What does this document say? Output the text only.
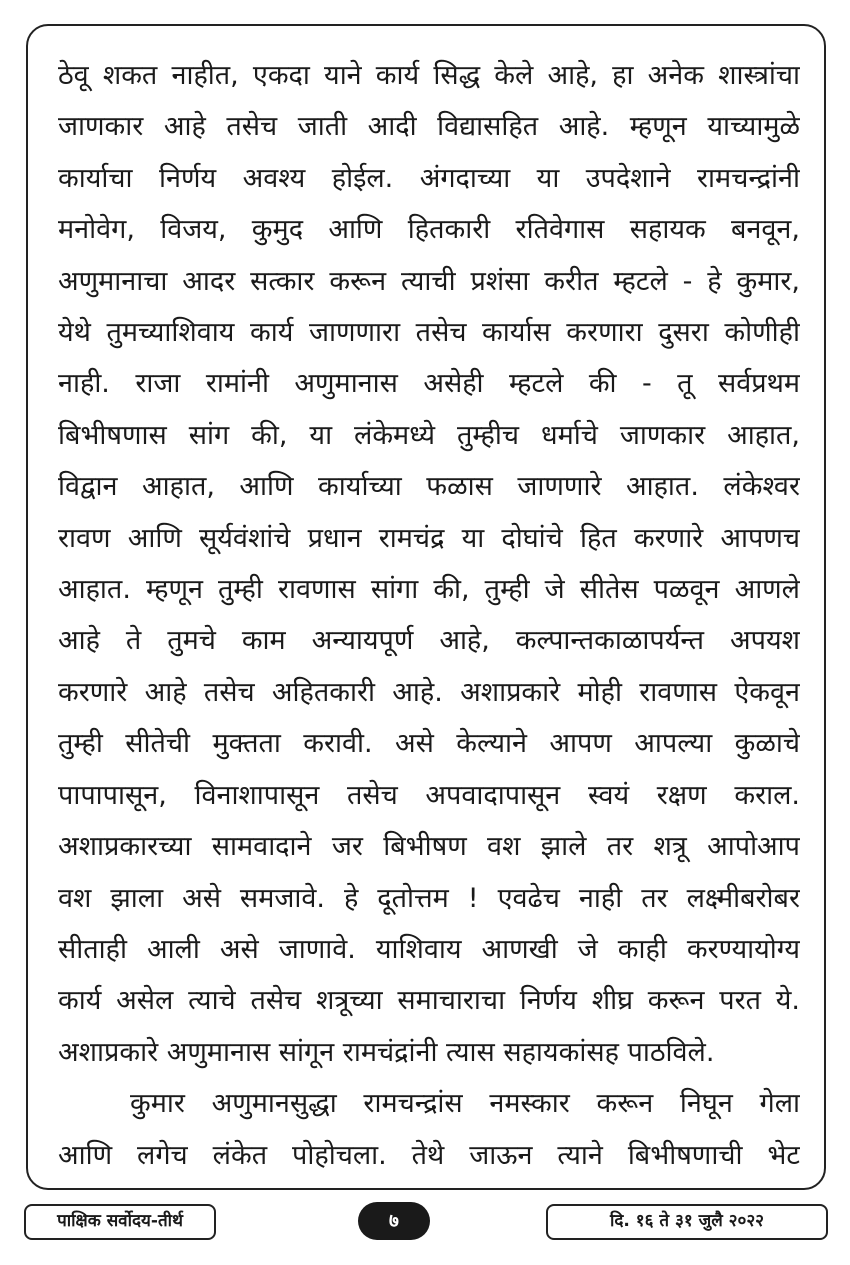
ठेवू शकत नाहीत, एकदा याने कार्य सिद्ध केले आहे, हा अनेक शास्त्रांचा
जाणकार आहे तसेच जाती आदी विद्यासहित आहे. म्हणून याच्यामुळे
कार्याचा निर्णय अवश्य होईल. अंगदाच्या या उपदेशाने रामचन्द्रांनी
मनोवेग, विजय, कुमुद आणि हितकारी रतिवेगास सहायक बनवून,
अणुमानाचा आदर सत्कार करून त्याची प्रशंसा करीत म्हटले - हे कुमार,
येथे तुमच्याशिवाय कार्य जाणणारा तसेच कार्यास करणारा दुसरा कोणीही
नाही. राजा रामांनी अणुमानास असेही म्हटले की - तू सर्वप्रथम
बिभीषणास सांग की, या लंकेमध्ये तुम्हीच धर्माचे जाणकार आहात,
विद्वान आहात, आणि कार्याच्या फळास जाणणारे आहात. लंकेश्वर
रावण आणि सूर्यवंशांचे प्रधान रामचंद्र या दोघांचे हित करणारे आपणच
आहात. म्हणून तुम्ही रावणास सांगा की, तुम्ही जे सीतेस पळवून आणले
आहे ते तुमचे काम अन्यायपूर्ण आहे, कल्पान्तकाळापर्यन्त अपयश
करणारे आहे तसेच अहितकारी आहे. अशाप्रकारे मोही रावणास ऐकवून
तुम्ही सीतेची मुक्तता करावी. असे केल्याने आपण आपल्या कुळाचे
पापापासून, विनाशापासून तसेच अपवादापासून स्वयं रक्षण कराल.
अशाप्रकारच्या सामवादाने जर बिभीषण वश झाले तर शत्रू आपोआप
वश झाला असे समजावे. हे दूतोत्तम ! एवढेच नाही तर लक्ष्मीबरोबर
सीताही आली असे जाणावे. याशिवाय आणखी जे काही करण्यायोग्य
कार्य असेल त्याचे तसेच शत्रूच्या समाचाराचा निर्णय शीघ्र करून परत ये.
अशाप्रकारे अणुमानास सांगून रामचंद्रांनी त्यास सहायकांसह पाठविले.
कुमार अणुमानसुद्धा रामचन्द्रांस नमस्कार करून निघून गेला
आणि लगेच लंकेत पोहोचला. तेथे जाऊन त्याने बिभीषणाची भेट
पाक्षिक सर्वोदय-तीर्थ	७	दि. १६ ते ३१ जुलै २०२२
